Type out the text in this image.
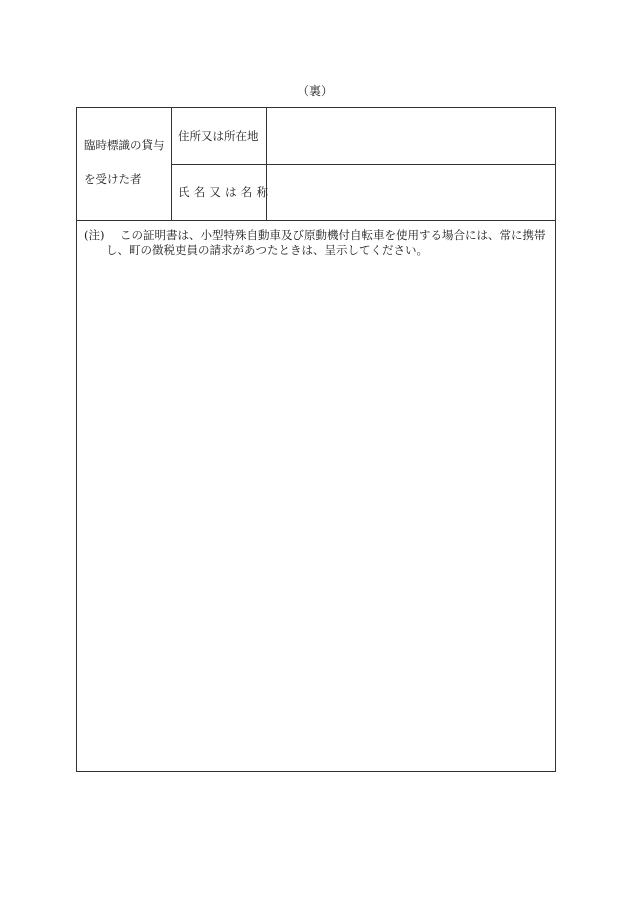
（裏）
臨時標識の貸与
を受けた者
住所又は所在地
氏名又は名称
(注)	この証明書は、小型特殊自動車及び原動機付自転車を使用する場合には、常に携帯し、町の徴税吏員の請求があつたときは、呈示してください。
